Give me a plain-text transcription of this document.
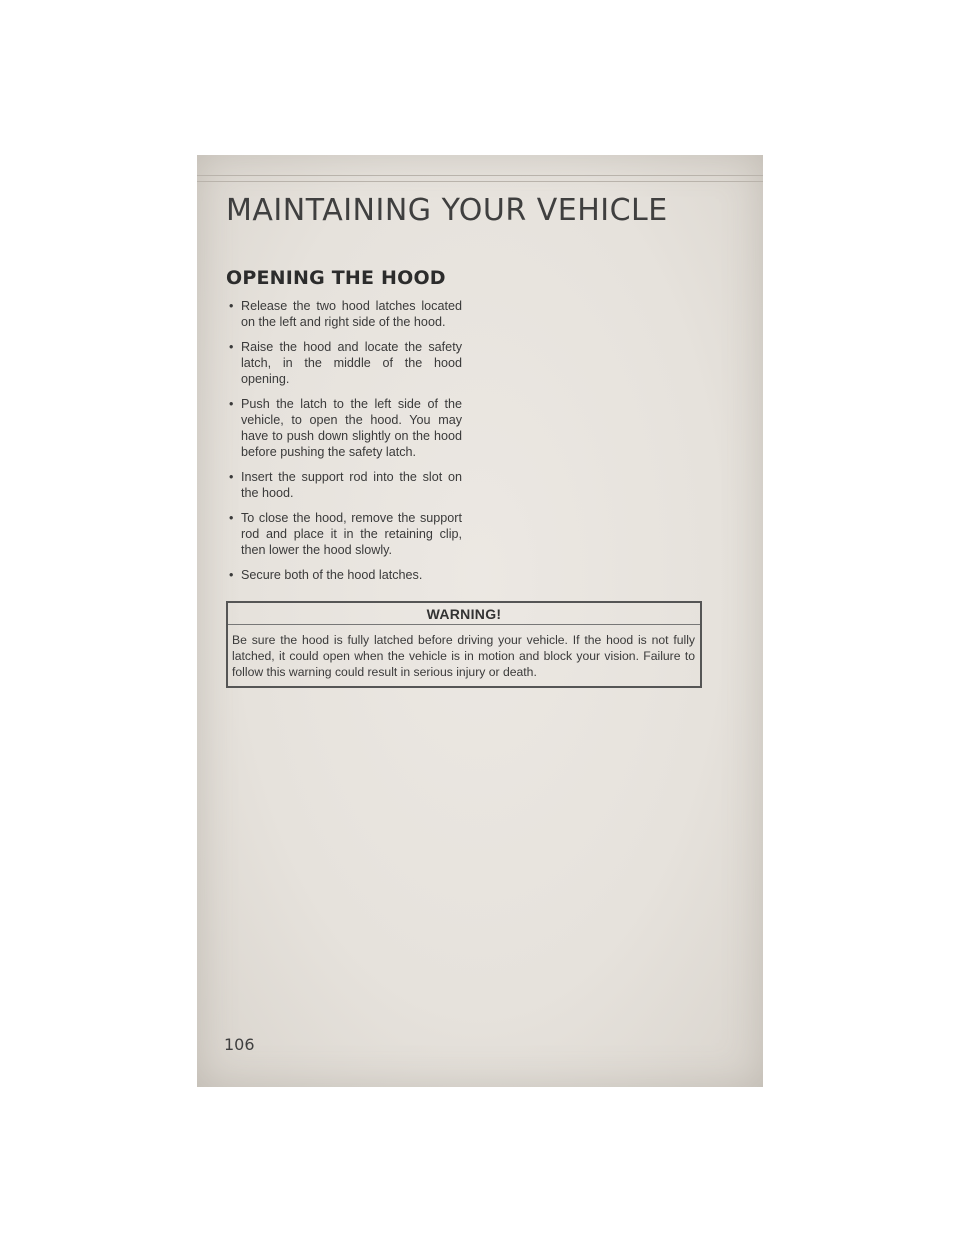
MAINTAINING YOUR VEHICLE
OPENING THE HOOD
• Release the two hood latches located on the left and right side of the hood.
• Raise the hood and locate the safety latch, in the middle of the hood opening.
• Push the latch to the left side of the vehicle, to open the hood. You may have to push down slightly on the hood before pushing the safety latch.
• Insert the support rod into the slot on the hood.
• To close the hood, remove the support rod and place it in the retaining clip, then lower the hood slowly.
• Secure both of the hood latches.
WARNING!
Be sure the hood is fully latched before driving your vehicle. If the hood is not fully latched, it could open when the vehicle is in motion and block your vision. Failure to follow this warning could result in serious injury or death.
106
